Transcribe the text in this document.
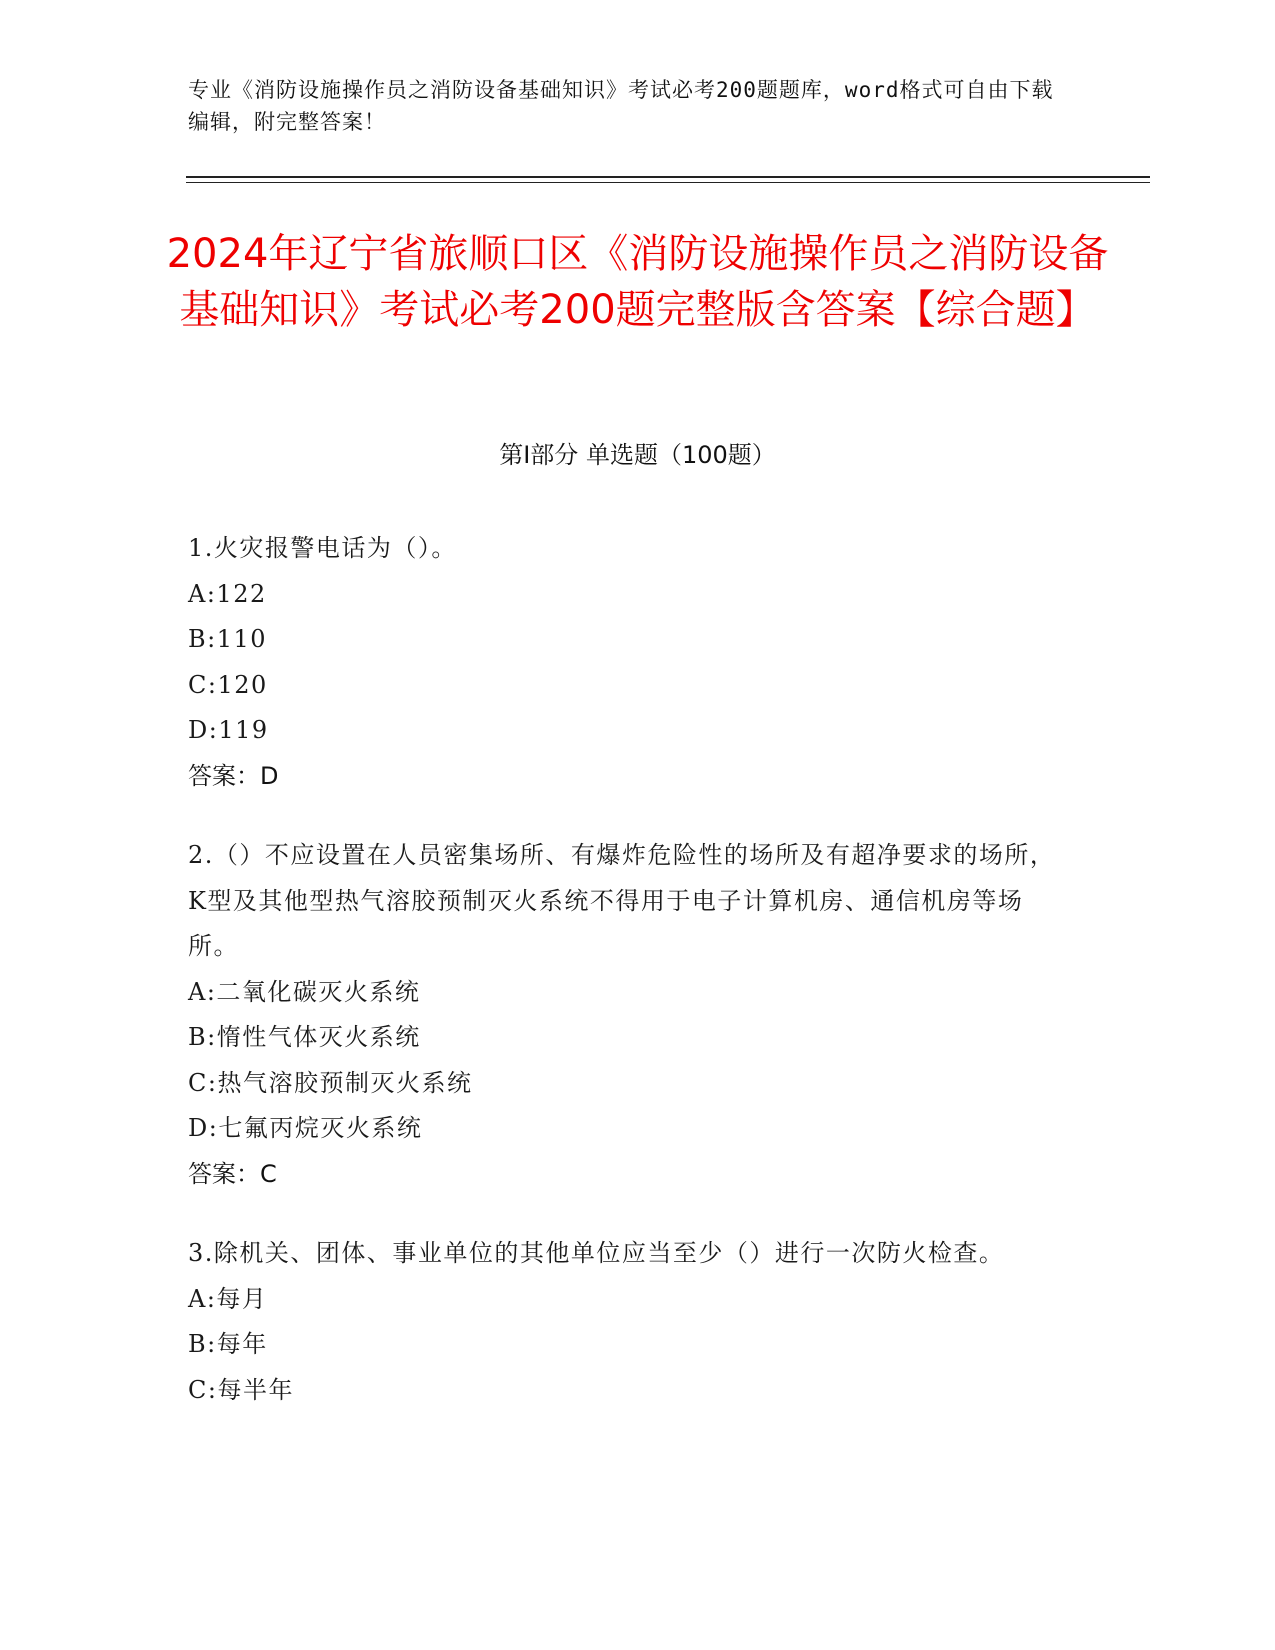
专业《消防设施操作员之消防设备基础知识》考试必考200题题库，word格式可自由下载编辑，附完整答案！
2024年辽宁省旅顺口区《消防设施操作员之消防设备基础知识》考试必考200题完整版含答案【综合题】
第Ⅰ部分 单选题（100题）
1.火灾报警电话为（）。
A:122
B:110
C:120
D:119
答案：D
2.（）不应设置在人员密集场所、有爆炸危险性的场所及有超净要求的场所，K型及其他型热气溶胶预制灭火系统不得用于电子计算机房、通信机房等场所。
A:二氧化碳灭火系统
B:惰性气体灭火系统
C:热气溶胶预制灭火系统
D:七氟丙烷灭火系统
答案：C
3.除机关、团体、事业单位的其他单位应当至少（）进行一次防火检查。
A:每月
B:每年
C:每半年
